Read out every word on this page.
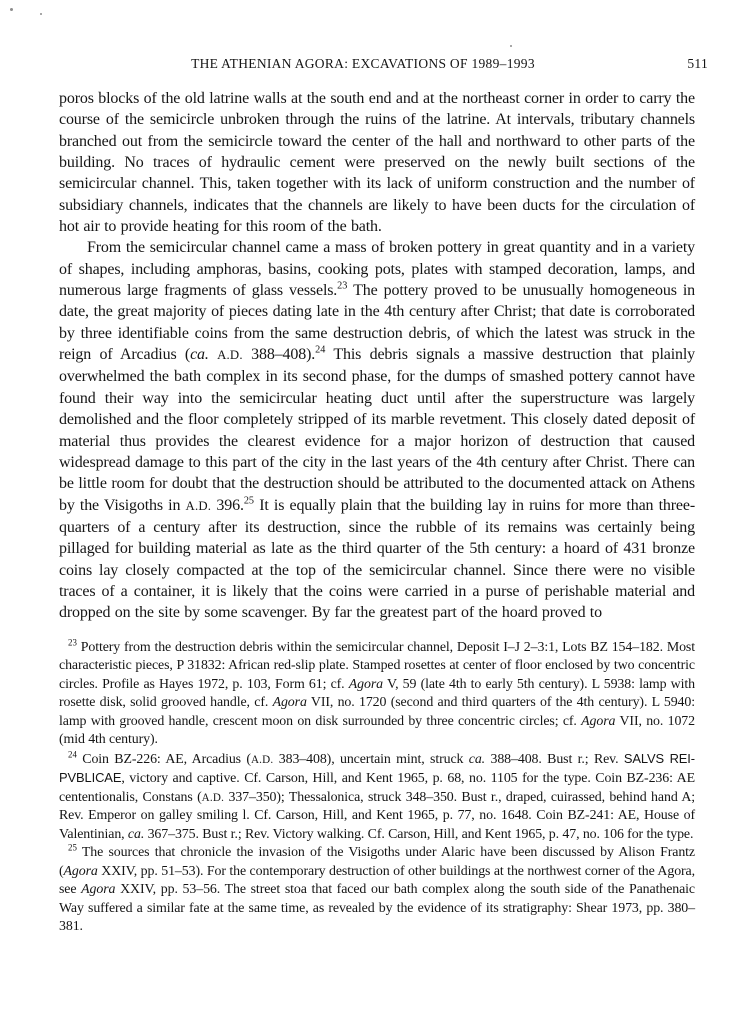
THE ATHENIAN AGORA: EXCAVATIONS OF 1989–1993	511

poros blocks of the old latrine walls at the south end and at the northeast corner in order to carry the course of the semicircle unbroken through the ruins of the latrine. At intervals, tributary channels branched out from the semicircle toward the center of the hall and northward to other parts of the building. No traces of hydraulic cement were preserved on the newly built sections of the semicircular channel. This, taken together with its lack of uniform construction and the number of subsidiary channels, indicates that the channels are likely to have been ducts for the circulation of hot air to provide heating for this room of the bath.

From the semicircular channel came a mass of broken pottery in great quantity and in a variety of shapes, including amphoras, basins, cooking pots, plates with stamped decoration, lamps, and numerous large fragments of glass vessels.$^{23}$ The pottery proved to be unusually homogeneous in date, the great majority of pieces dating late in the 4th century after Christ; that date is corroborated by three identifiable coins from the same destruction debris, of which the latest was struck in the reign of Arcadius (ca. A.D. 388–408).$^{24}$ This debris signals a massive destruction that plainly overwhelmed the bath complex in its second phase, for the dumps of smashed pottery cannot have found their way into the semicircular heating duct until after the superstructure was largely demolished and the floor completely stripped of its marble revetment. This closely dated deposit of material thus provides the clearest evidence for a major horizon of destruction that caused widespread damage to this part of the city in the last years of the 4th century after Christ. There can be little room for doubt that the destruction should be attributed to the documented attack on Athens by the Visigoths in A.D. 396.25 It is equally plain that the building lay in ruins for more than three-quarters of a century after its destruction, since the rubble of its remains was certainly being pillaged for building material as late as the third quarter of the 5th century: a hoard of 431 bronze coins lay closely compacted at the top of the semicircular channel. Since there were no visible traces of a container, it is likely that the coins were carried in a purse of perishable material and dropped on the site by some scavenger. By far the greatest part of the hoard proved to

$^{23}$ Pottery from the destruction debris within the semicircular channel, Deposit I–J 2–3:1, Lots BZ 154–182. Most characteristic pieces, P 31832: African red-slip plate. Stamped rosettes at center of floor enclosed by two concentric circles. Profile as Hayes 1972, p. 103, Form 61; cf. Agora V, 59 (late 4th to early 5th century). L 5938: lamp with rosette disk, solid grooved handle, cf. Agora VII, no. 1720 (second and third quarters of the 4th century). L 5940: lamp with grooved handle, crescent moon on disk surrounded by three concentric circles; cf. Agora VII, no. 1072 (mid 4th century).

$^{24}$ Coin BZ-226: AE, Arcadius (A.D. 383–408), uncertain mint, struck ca. 388–408. Bust r.; Rev. SALVS REI-PVBLICAE, victory and captive. Cf. Carson, Hill, and Kent 1965, p. 68, no. 1105 for the type. Coin BZ-236: AE cententionalis, Constans (A.D. 337–350); Thessalonica, struck 348–350. Bust r., draped, cuirassed, behind hand A; Rev. Emperor on galley smiling l. Cf. Carson, Hill, and Kent 1965, p. 77, no. 1648. Coin BZ-241: AE, House of Valentinian, ca. 367–375. Bust r.; Rev. Victory walking. Cf. Carson, Hill, and Kent 1965, p. 47, no. 106 for the type.

$^{25}$ The sources that chronicle the invasion of the Visigoths under Alaric have been discussed by Alison Frantz (Agora XXIV, pp. 51–53). For the contemporary destruction of other buildings at the northwest corner of the Agora, see Agora XXIV, pp. 53–56. The street stoa that faced our bath complex along the south side of the Panathenaic Way suffered a similar fate at the same time, as revealed by the evidence of its stratigraphy: Shear 1973, pp. 380–381.
